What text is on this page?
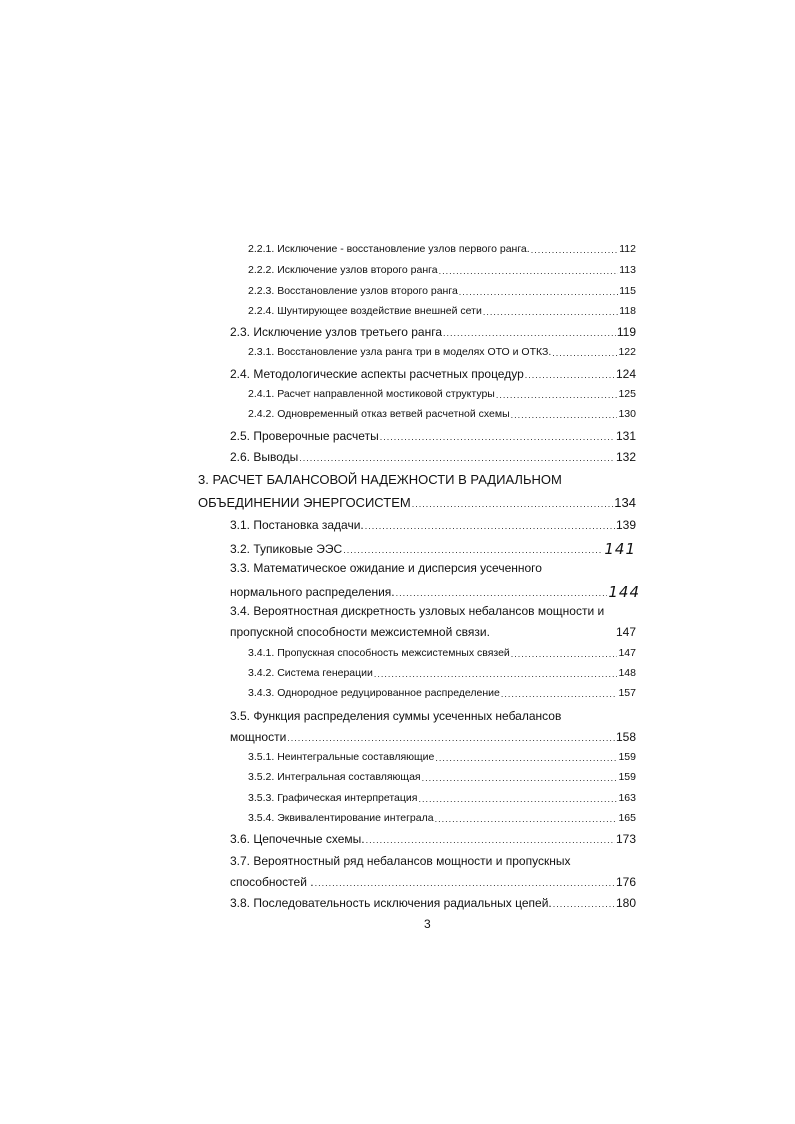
2.2.1. Исключение - восстановление узлов первого ранга. .....	112
2.2.2. Исключение узлов второго ранга .....	113
2.2.3. Восстановление узлов второго ранга .....	115
2.2.4. Шунтирующее воздействие внешней сети .....	118
2.3. Исключение узлов третьего ранга .....	119
2.3.1. Восстановление узла ранга три в моделях ОТО и ОТКЗ. .....	122
2.4. Методологические аспекты расчетных процедур .....	124
2.4.1. Расчет направленной мостиковой структуры .....	125
2.4.2. Одновременный отказ ветвей расчетной схемы .....	130
2.5. Проверочные расчеты .....	131
2.6. Выводы .....	132
3. РАСЧЕТ БАЛАНСОВОЙ НАДЕЖНОСТИ В РАДИАЛЬНОМ
ОБЪЕДИНЕНИИ ЭНЕРГОСИСТЕМ .....	134
3.1. Постановка задачи. .....	139
3.2. Тупиковые ЭЭС .....	141
3.3. Математическое ожидание и дисперсия усеченного
нормального распределения. .....	144
3.4. Вероятностная дискретность узловых небалансов мощности и
пропускной способности межсистемной связи.	147
3.4.1. Пропускная способность межсистемных связей .....	147
3.4.2. Система генерации .....	148
3.4.3. Однородное редуцированное распределение .....	157
3.5. Функция распределения суммы усеченных небалансов
мощности .....	158
3.5.1. Неинтегральные составляющие .....	159
3.5.2. Интегральная составляющая .....	159
3.5.3. Графическая интерпретация .....	163
3.5.4. Эквивалентирование интеграла .....	165
3.6. Цепочечные схемы. .....	173
3.7. Вероятностный ряд небалансов мощности и пропускных
способностей . .....	176
3.8. Последовательность исключения радиальных цепей. .....	180
3
